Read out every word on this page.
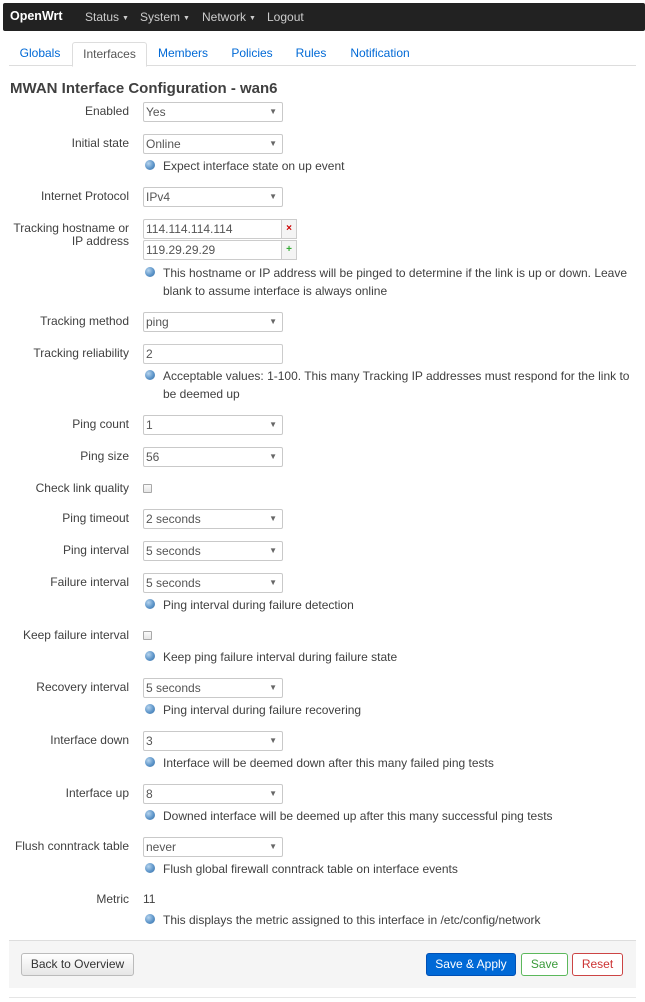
OpenWrt Status ▼ System ▼ Network ▼ Logout
Globals	Interfaces	Members	Policies	Rules	Notification
MWAN Interface Configuration - wan6
Enabled Yes	▼
Initial state Online	▼
Expect interface state on up event
Internet Protocol IPv4	▼
Tracking hostname or IP address
114.114.114.114	×
119.29.29.29	+
This hostname or IP address will be pinged to determine if the link is up or down. Leave blank to assume interface is always online
Tracking method ping	▼
Tracking reliability 2
Acceptable values: 1-100. This many Tracking IP addresses must respond for the link to be deemed up
Ping count 1	▼
Ping size 56	▼
Check link quality
Ping timeout 2 seconds	▼
Ping interval 5 seconds	▼
Failure interval 5 seconds	▼
Ping interval during failure detection
Keep failure interval
Keep ping failure interval during failure state
Recovery interval 5 seconds	▼
Ping interval during failure recovering
Interface down 3	▼
Interface will be deemed down after this many failed ping tests
Interface up 8	▼
Downed interface will be deemed up after this many successful ping tests
Flush conntrack table never	▼
Flush global firewall conntrack table on interface events
Metric 11
This displays the metric assigned to this interface in /etc/config/network
Back to Overview	Save & Apply	Save	Reset
